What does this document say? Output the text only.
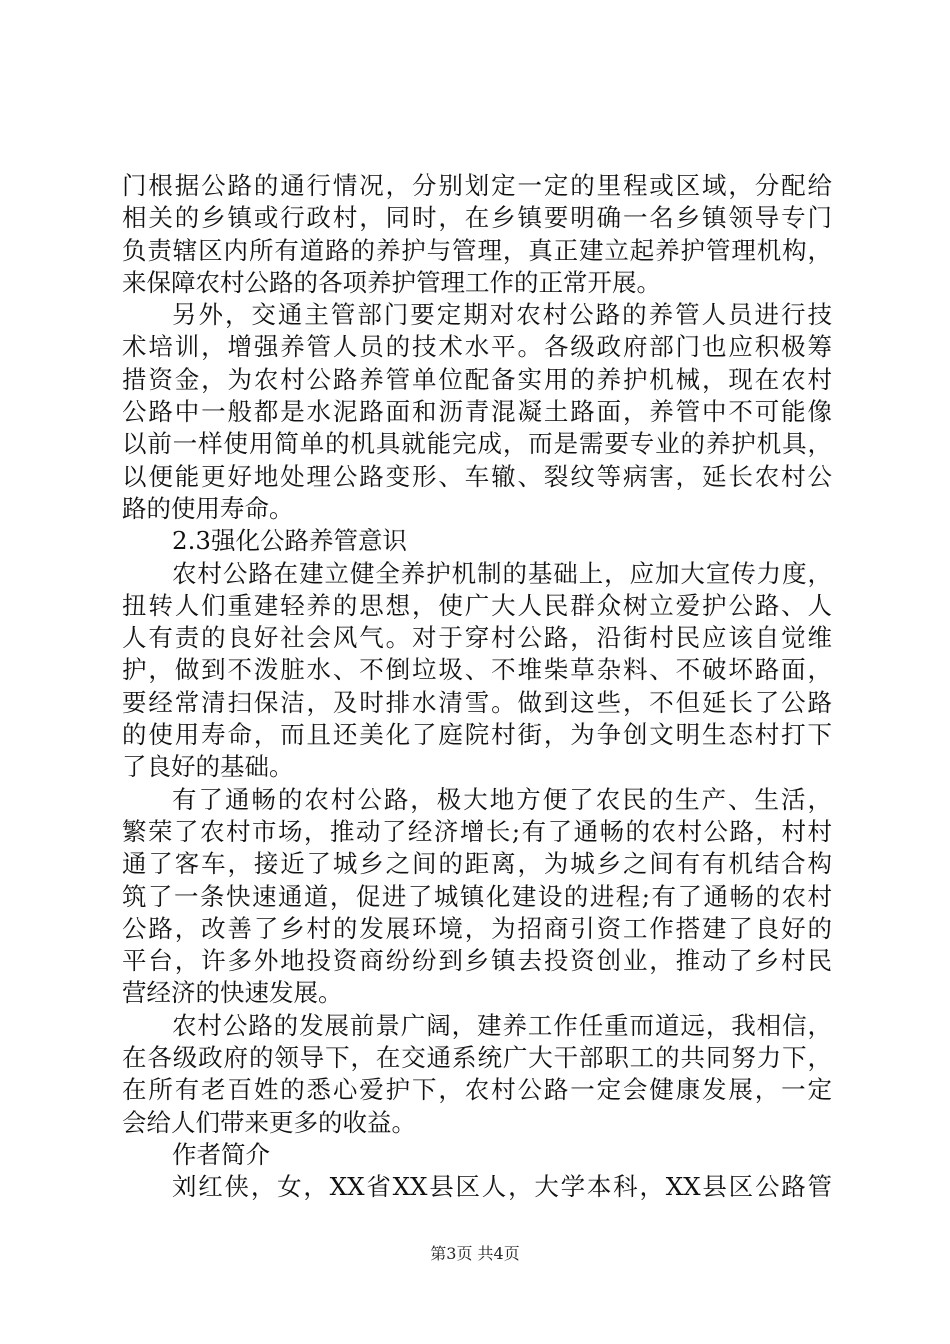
门根据公路的通行情况，分别划定一定的里程或区域，分配给
相关的乡镇或行政村，同时，在乡镇要明确一名乡镇领导专门
负责辖区内所有道路的养护与管理，真正建立起养护管理机构，
来保障农村公路的各项养护管理工作的正常开展。
另外，交通主管部门要定期对农村公路的养管人员进行技
术培训，增强养管人员的技术水平。各级政府部门也应积极筹
措资金，为农村公路养管单位配备实用的养护机械，现在农村
公路中一般都是水泥路面和沥青混凝土路面，养管中不可能像
以前一样使用简单的机具就能完成，而是需要专业的养护机具，
以便能更好地处理公路变形、车辙、裂纹等病害，延长农村公
路的使用寿命。
2.3强化公路养管意识
农村公路在建立健全养护机制的基础上，应加大宣传力度，
扭转人们重建轻养的思想，使广大人民群众树立爱护公路、人
人有责的良好社会风气。对于穿村公路，沿街村民应该自觉维
护，做到不泼脏水、不倒垃圾、不堆柴草杂料、不破坏路面，
要经常清扫保洁，及时排水清雪。做到这些，不但延长了公路
的使用寿命，而且还美化了庭院村街，为争创文明生态村打下
了良好的基础。
有了通畅的农村公路，极大地方便了农民的生产、生活，
繁荣了农村市场，推动了经济增长;有了通畅的农村公路，村村
通了客车，接近了城乡之间的距离，为城乡之间有有机结合构
筑了一条快速通道，促进了城镇化建设的进程;有了通畅的农村
公路，改善了乡村的发展环境，为招商引资工作搭建了良好的
平台，许多外地投资商纷纷到乡镇去投资创业，推动了乡村民
营经济的快速发展。
农村公路的发展前景广阔，建养工作任重而道远，我相信，
在各级政府的领导下，在交通系统广大干部职工的共同努力下，
在所有老百姓的悉心爱护下，农村公路一定会健康发展，一定
会给人们带来更多的收益。
作者简介
刘红侠，女，XX省XX县区人，大学本科，XX县区公路管
第3页 共4页
